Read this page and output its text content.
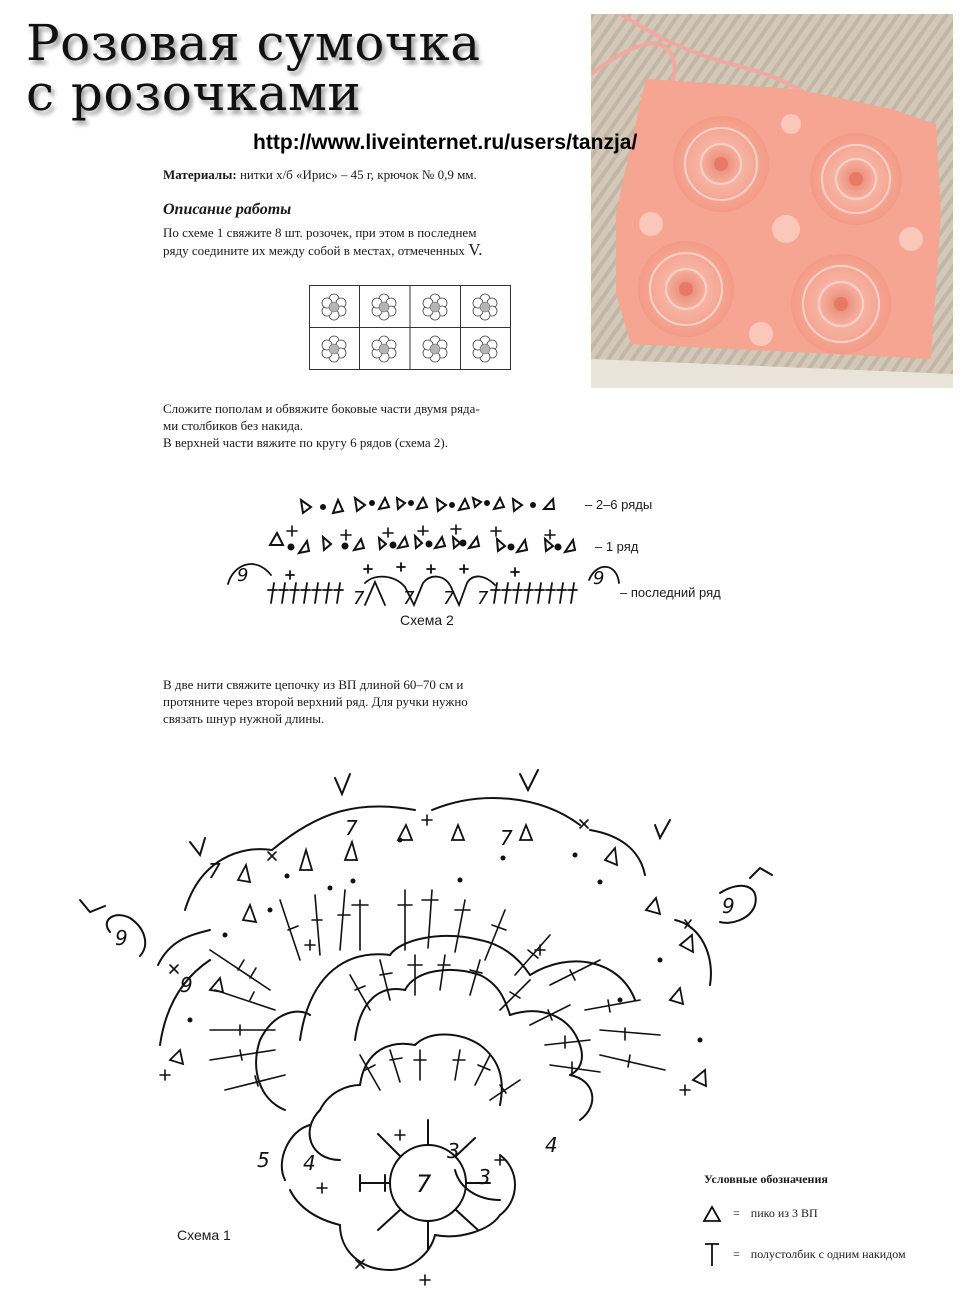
Розовая сумочка
с розочками
http://www.liveinternet.ru/users/tanzja/
Материалы: нитки х/б «Ирис» – 45 г, крючок № 0,9 мм.
Описание работы
По схеме 1 свяжите 8 шт. розочек, при этом в последнем
ряду соедините их между собой в местах, отмеченных V.
Сложите пополам и обвяжите боковые части двумя ряда-
ми столбиков без накида.
В верхней части вяжите по кругу 6 рядов (схема 2).
9
7 7 7 7
9
– 2–6 ряды
– 1 ряд
– последний ряд
Схема 2
В две нити свяжите цепочку из ВП длиной 60–70 см и
протяните через второй верхний ряд. Для ручки нужно
связать шнур нужной длины.
7
3
3
4
4
5
9
9
9
7
7
7
Схема 1
Условные обозначения
= пико из 3 ВП
= полустолбик с одним накидом
